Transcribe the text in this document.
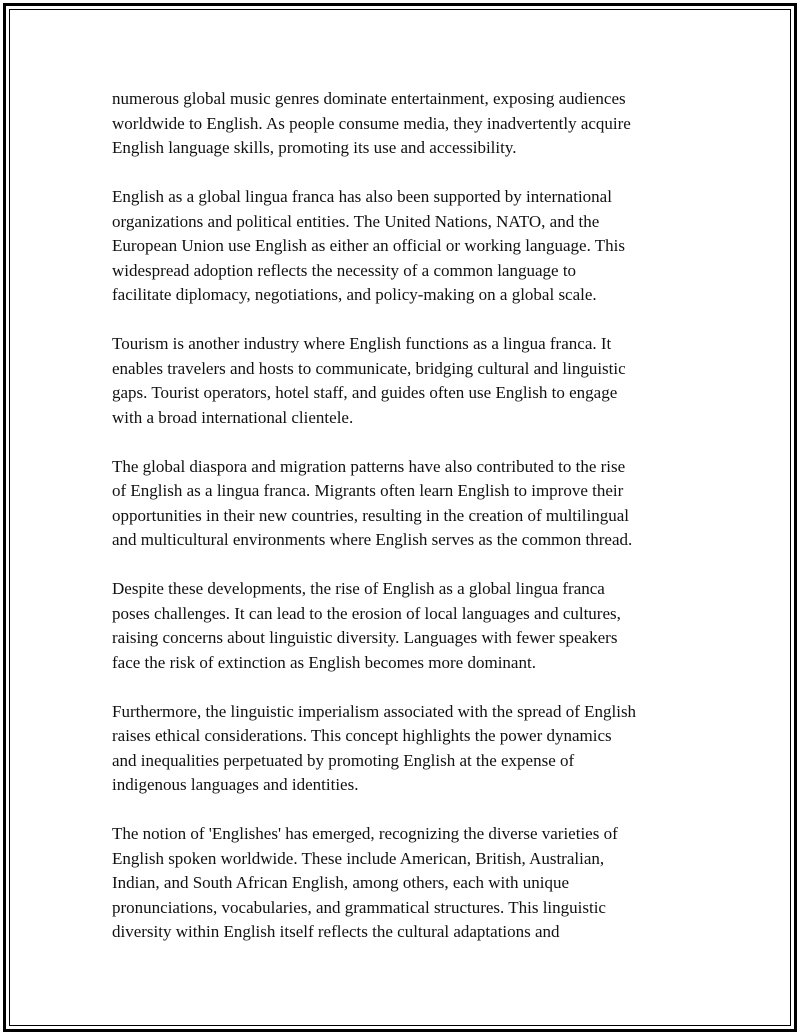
numerous global music genres dominate entertainment, exposing audiences
worldwide to English. As people consume media, they inadvertently acquire
English language skills, promoting its use and accessibility.

English as a global lingua franca has also been supported by international
organizations and political entities. The United Nations, NATO, and the
European Union use English as either an official or working language. This
widespread adoption reflects the necessity of a common language to
facilitate diplomacy, negotiations, and policy-making on a global scale.

Tourism is another industry where English functions as a lingua franca. It
enables travelers and hosts to communicate, bridging cultural and linguistic
gaps. Tourist operators, hotel staff, and guides often use English to engage
with a broad international clientele.

The global diaspora and migration patterns have also contributed to the rise
of English as a lingua franca. Migrants often learn English to improve their
opportunities in their new countries, resulting in the creation of multilingual
and multicultural environments where English serves as the common thread.

Despite these developments, the rise of English as a global lingua franca
poses challenges. It can lead to the erosion of local languages and cultures,
raising concerns about linguistic diversity. Languages with fewer speakers
face the risk of extinction as English becomes more dominant.

Furthermore, the linguistic imperialism associated with the spread of English
raises ethical considerations. This concept highlights the power dynamics
and inequalities perpetuated by promoting English at the expense of
indigenous languages and identities.

The notion of 'Englishes' has emerged, recognizing the diverse varieties of
English spoken worldwide. These include American, British, Australian,
Indian, and South African English, among others, each with unique
pronunciations, vocabularies, and grammatical structures. This linguistic
diversity within English itself reflects the cultural adaptations and
